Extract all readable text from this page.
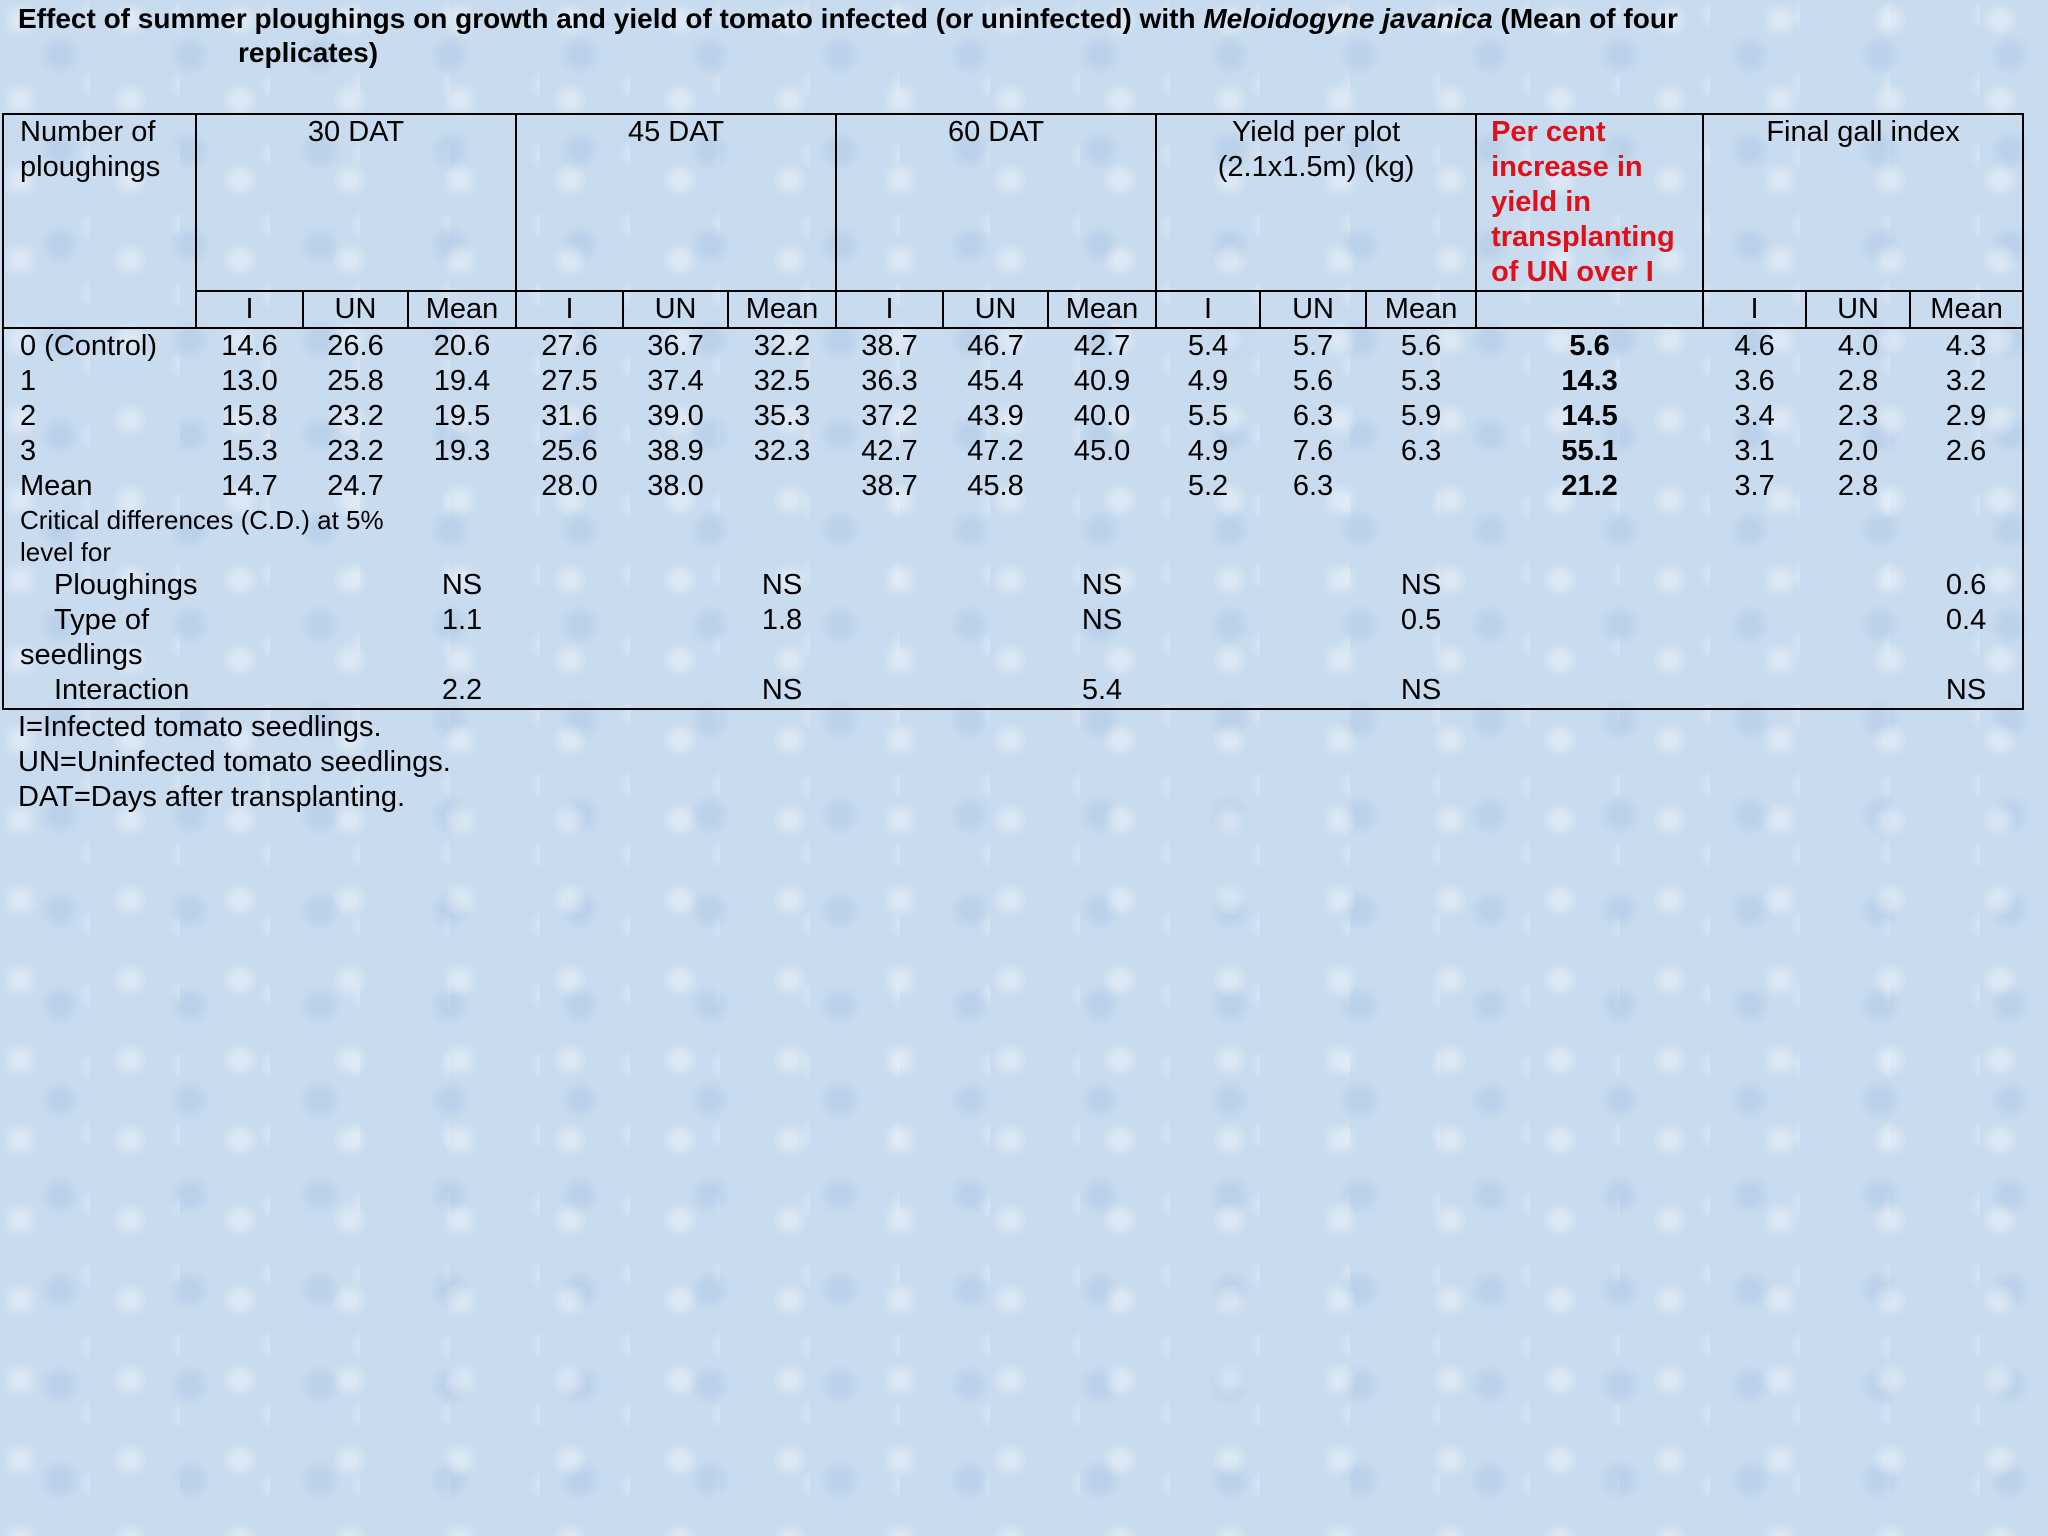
Effect of summer ploughings on growth and yield of tomato infected (or uninfected) with Meloidogyne javanica (Mean of four
replicates)
Number of ploughings	30 DAT			45 DAT			60 DAT			Yield per plot (2.1x1.5m) (kg)			Per cent increase in yield in transplanting of UN over I	Final gall index		
	I	UN	Mean	I	UN	Mean	I	UN	Mean	I	UN	Mean		I	UN	Mean
0 (Control)	14.6	26.6	20.6	27.6	36.7	32.2	38.7	46.7	42.7	5.4	5.7	5.6	5.6	4.6	4.0	4.3
1	13.0	25.8	19.4	27.5	37.4	32.5	36.3	45.4	40.9	4.9	5.6	5.3	14.3	3.6	2.8	3.2
2	15.8	23.2	19.5	31.6	39.0	35.3	37.2	43.9	40.0	5.5	6.3	5.9	14.5	3.4	2.3	2.9
3	15.3	23.2	19.3	25.6	38.9	32.3	42.7	47.2	45.0	4.9	7.6	6.3	55.1	3.1	2.0	2.6
Mean	14.7	24.7		28.0	38.0		38.7	45.8		5.2	6.3		21.2	3.7	2.8	
Critical differences (C.D.) at 5% level for																
Ploughings			NS			NS			NS			NS				0.6
Type of			1.1			1.8			NS			0.5				0.4
seedlings																
Interaction			2.2			NS			5.4			NS				NS
I=Infected tomato seedlings.
UN=Uninfected tomato seedlings.
DAT=Days after transplanting.
